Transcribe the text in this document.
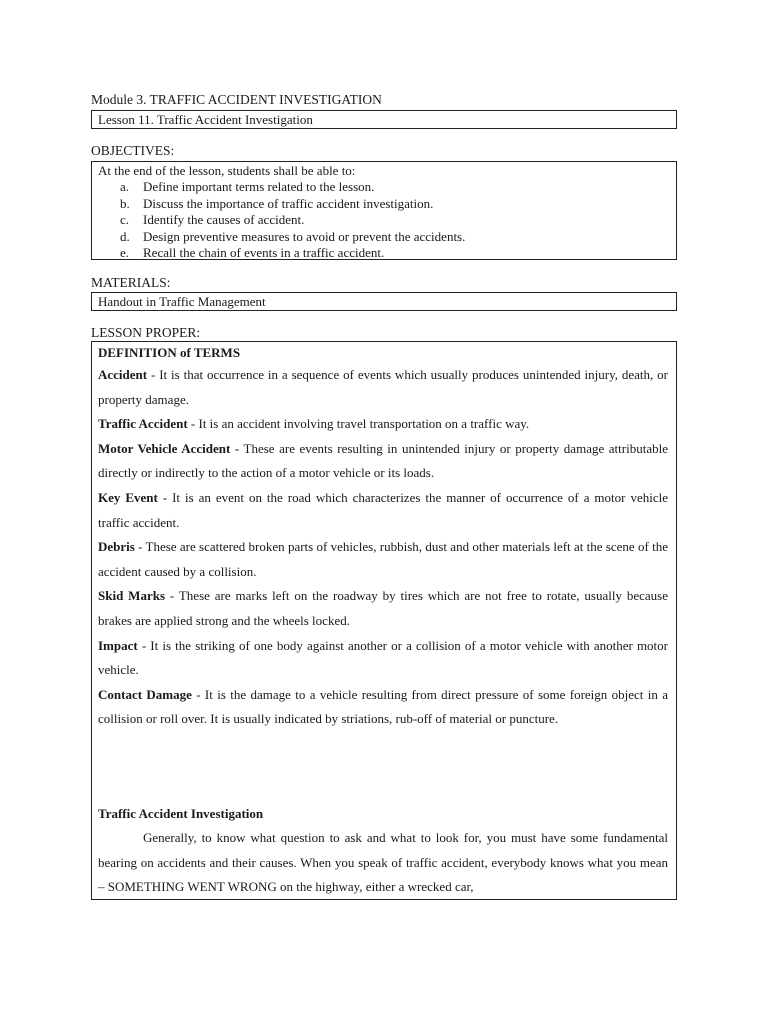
Module 3. TRAFFIC ACCIDENT INVESTIGATION
Lesson 11. Traffic Accident Investigation
OBJECTIVES:
At the end of the lesson, students shall be able to:
a. Define important terms related to the lesson.
b. Discuss the importance of traffic accident investigation.
c. Identify the causes of accident.
d. Design preventive measures to avoid or prevent the accidents.
e. Recall the chain of events in a traffic accident.
MATERIALS:
Handout in Traffic Management
LESSON PROPER:
DEFINITION of TERMS

Accident - It is that occurrence in a sequence of events which usually produces unintended injury, death, or property damage.

Traffic Accident - It is an accident involving travel transportation on a traffic way.

Motor Vehicle Accident - These are events resulting in unintended injury or property damage attributable directly or indirectly to the action of a motor vehicle or its loads.

Key Event - It is an event on the road which characterizes the manner of occurrence of a motor vehicle traffic accident.

Debris - These are scattered broken parts of vehicles, rubbish, dust and other materials left at the scene of the accident caused by a collision.

Skid Marks - These are marks left on the roadway by tires which are not free to rotate, usually because brakes are applied strong and the wheels locked.

Impact - It is the striking of one body against another or a collision of a motor vehicle with another motor vehicle.

Contact Damage - It is the damage to a vehicle resulting from direct pressure of some foreign object in a collision or roll over. It is usually indicated by striations, rub-off of material or puncture.

Traffic Accident Investigation

Generally, to know what question to ask and what to look for, you must have some fundamental bearing on accidents and their causes. When you speak of traffic accident, everybody knows what you mean – SOMETHING WENT WRONG on the highway, either a wrecked car,
